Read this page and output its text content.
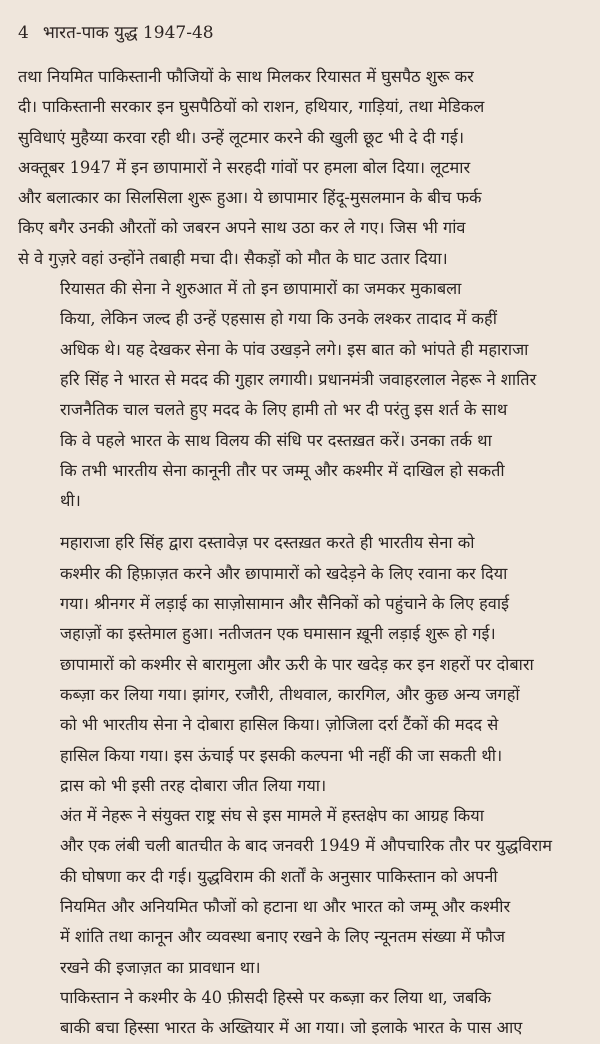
4 भारत-पाक युद्ध 1947-48

तथा नियमित पाकिस्तानी फौजियों के साथ मिलकर रियासत में घुसपैठ शुरू कर
दी। पाकिस्तानी सरकार इन घुसपैठियों को राशन, हथियार, गाड़ियां, तथा मेडिकल
सुविधाएं मुहैय्या करवा रही थी। उन्हें लूटमार करने की खुली छूट भी दे दी गई।
अक्तूबर 1947 में इन छापामारों ने सरहदी गांवों पर हमला बोल दिया। लूटमार
और बलात्कार का सिलसिला शुरू हुआ। ये छापामार हिंदू-मुसलमान के बीच फर्क
किए बगैर उनकी औरतों को जबरन अपने साथ उठा कर ले गए। जिस भी गांव
से वे गुज़रे वहां उन्होंने तबाही मचा दी। सैकड़ों को मौत के घाट उतार दिया।

रियासत की सेना ने शुरुआत में तो इन छापामारों का जमकर मुकाबला
किया, लेकिन जल्द ही उन्हें एहसास हो गया कि उनके लश्कर तादाद में कहीं
अधिक थे। यह देखकर सेना के पांव उखड़ने लगे। इस बात को भांपते ही महाराजा
हरि सिंह ने भारत से मदद की गुहार लगायी। प्रधानमंत्री जवाहरलाल नेहरू ने शातिर
राजनैतिक चाल चलते हुए मदद के लिए हामी तो भर दी परंतु इस शर्त के साथ
कि वे पहले भारत के साथ विलय की संधि पर दस्तख़त करें। उनका तर्क था
कि तभी भारतीय सेना कानूनी तौर पर जम्मू और कश्मीर में दाखिल हो सकती
थी।

महाराजा हरि सिंह द्वारा दस्तावेज़ पर दस्तख़त करते ही भारतीय सेना को
कश्मीर की हिफ़ाज़त करने और छापामारों को खदेड़ने के लिए रवाना कर दिया
गया। श्रीनगर में लड़ाई का साज़ोसामान और सैनिकों को पहुंचाने के लिए हवाई
जहाज़ों का इस्तेमाल हुआ। नतीजतन एक घमासान ख़ूनी लड़ाई शुरू हो गई।
छापामारों को कश्मीर से बारामुला और ऊरी के पार खदेड़ कर इन शहरों पर दोबारा
कब्ज़ा कर लिया गया। झांगर, रजौरी, तीथवाल, कारगिल, और कुछ अन्य जगहों
को भी भारतीय सेना ने दोबारा हासिल किया। ज़ोजिला दर्रा टैंकों की मदद से
हासिल किया गया। इस ऊंचाई पर इसकी कल्पना भी नहीं की जा सकती थी।
द्रास को भी इसी तरह दोबारा जीत लिया गया।

अंत में नेहरू ने संयुक्त राष्ट्र संघ से इस मामले में हस्तक्षेप का आग्रह किया
और एक लंबी चली बातचीत के बाद जनवरी 1949 में औपचारिक तौर पर युद्धविराम
की घोषणा कर दी गई। युद्धविराम की शर्तों के अनुसार पाकिस्तान को अपनी
नियमित और अनियमित फौजों को हटाना था और भारत को जम्मू और कश्मीर
में शांति तथा कानून और व्यवस्था बनाए रखने के लिए न्यूनतम संख्या में फौज
रखने की इजाज़त का प्रावधान था।

पाकिस्तान ने कश्मीर के 40 फ़ीसदी हिस्से पर कब्ज़ा कर लिया था, जबकि
बाकी बचा हिस्सा भारत के अख्तियार में आ गया। जो इलाके भारत के पास आए
